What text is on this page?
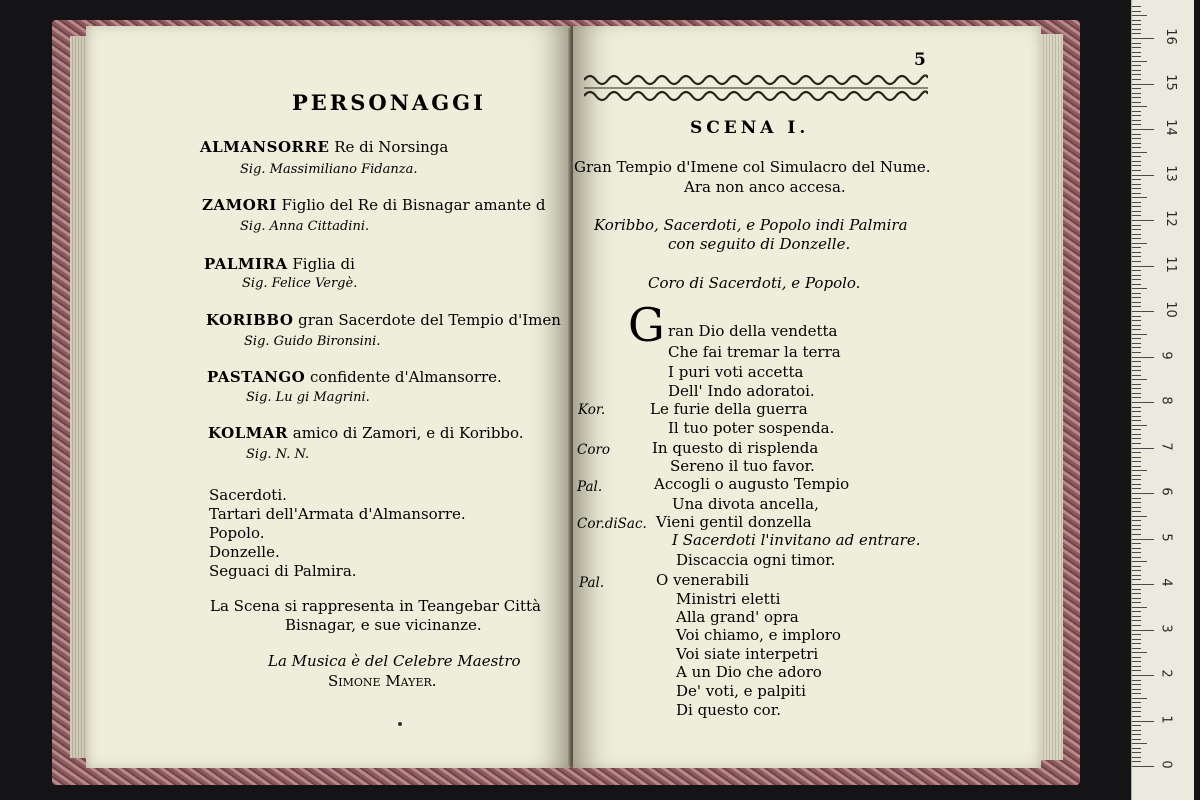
PERSONAGGI
ALMANSORRE Re di Norsinga
Sig. Massimiliano Fidanza.
ZAMORI Figlio del Re di Bisnagar amante d
Sig. Anna Cittadini.
PALMIRA Figlia di
Sig. Felice Vergè.
KORIBBO gran Sacerdote del Tempio d'Imen
Sig. Guido Bironsini.
PASTANGO confidente d'Almansorre.
Sig. Lu gi Magrini.
KOLMAR amico di Zamori, e di Koribbo.
Sig. N. N.
Sacerdoti.
Tartari dell'Armata d'Almansorre.
Popolo.
Donzelle.
Seguaci di Palmira.
La Scena si rappresenta in Teangebar Città
Bisnagar, e sue vicinanze.
La Musica è del Celebre Maestro
Simone Mayer.
5
SCENA I.
Gran Tempio d'Imene col Simulacro del Nume.
Ara non anco accesa.
Koribbo, Sacerdoti, e Popolo indi Palmira
con seguito di Donzelle.
Coro di Sacerdoti, e Popolo.
G ran Dio della vendetta
Che fai tremar la terra
I puri voti accetta
Dell' Indo adoratoi.
Kor.	Le furie della guerra
Il tuo poter sospenda.
Coro	In questo di risplenda
Sereno il tuo favor.
Pal.	Accogli o augusto Tempio
Una divota ancella,
Cor.diSac. Vieni gentil donzella
I Sacerdoti l'invitano ad entrare.
Discaccia ogni timor.
Pal.	O venerabili
Ministri eletti
Alla grand' opra
Voi chiamo, e imploro
Voi siate interpetri
A un Dio che adoro
De' voti, e palpiti
Di questo cor.
0
1
2
3
4
5
6
7
8
9
10
11
12
13
14
15
16
